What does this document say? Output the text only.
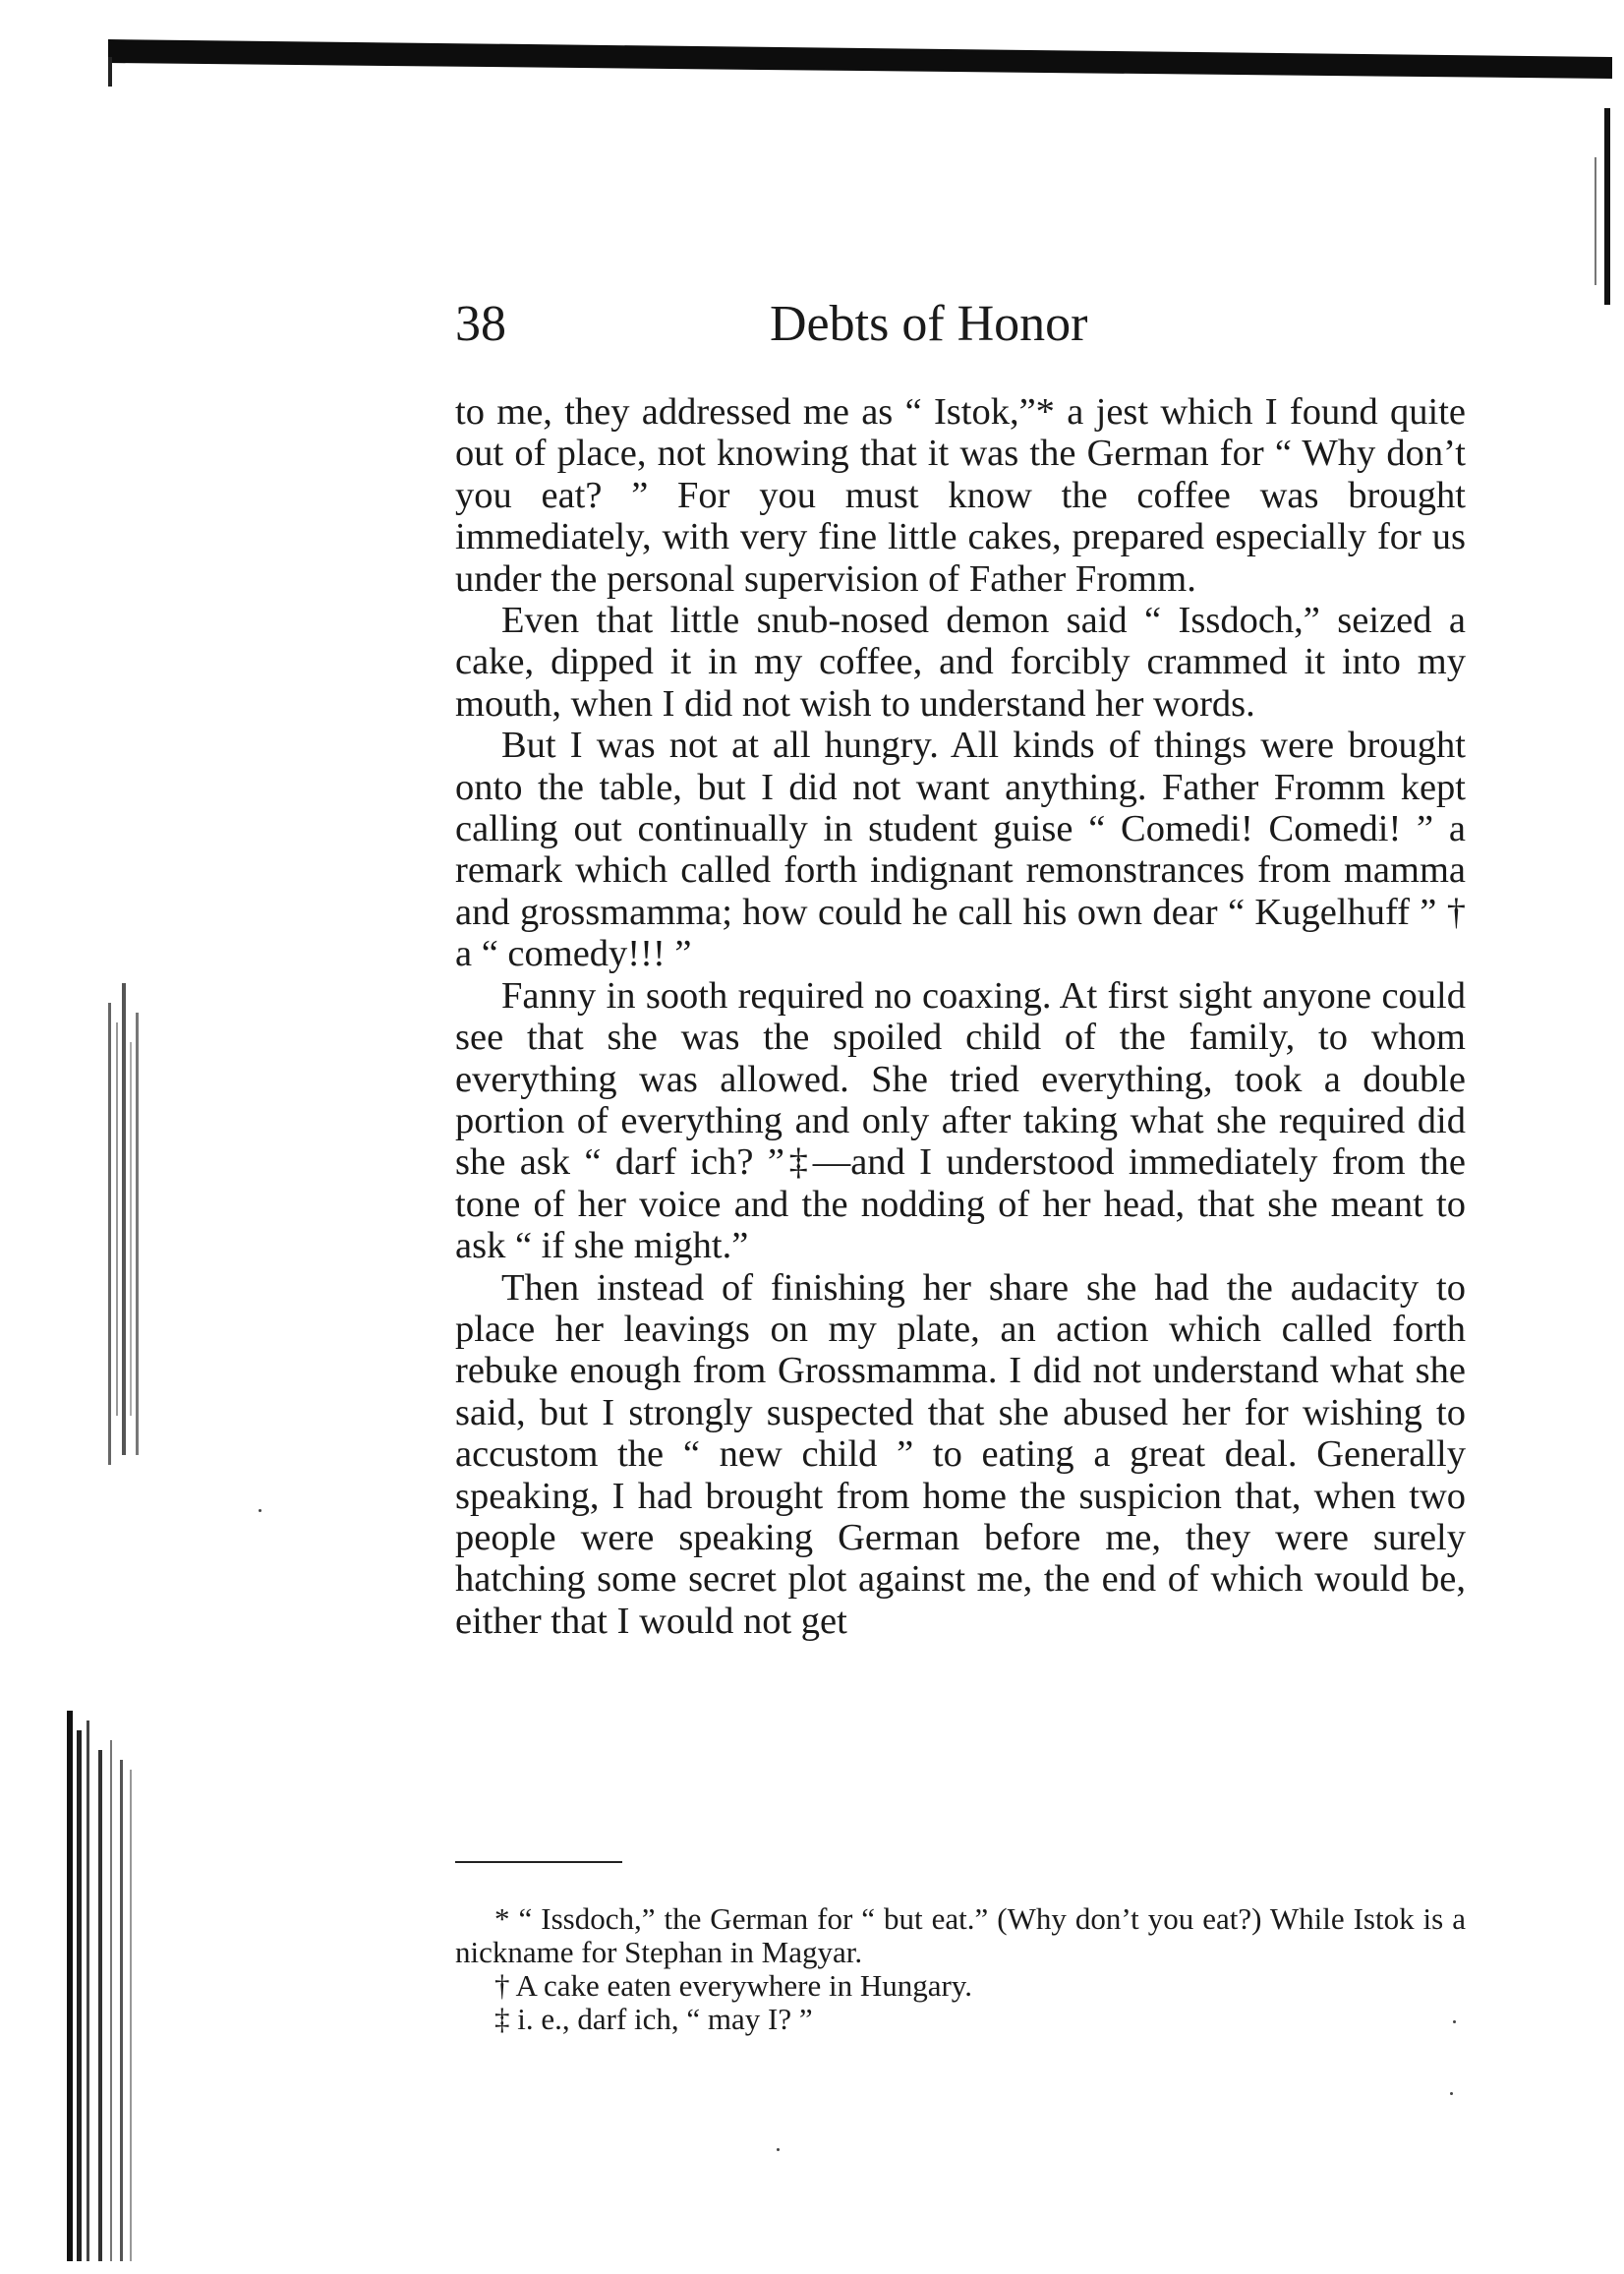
38	Debts of Honor

to me, they addressed me as “ Istok,”* a jest which I found quite out of place, not knowing that it was the German for “ Why don’t you eat? ” For you must know the coffee was brought immediately, with very fine little cakes, prepared especially for us under the personal supervision of Father Fromm.

Even that little snub-nosed demon said “ Issdoch,” seized a cake, dipped it in my coffee, and forcibly crammed it into my mouth, when I did not wish to understand her words.

But I was not at all hungry. All kinds of things were brought onto the table, but I did not want anything. Father Fromm kept calling out continually in student guise “ Comedi! Comedi! ” a remark which called forth indignant remonstrances from mamma and grossmamma; how could he call his own dear “ Kugelhuff ” † a “ comedy!!! ”

Fanny in sooth required no coaxing. At first sight anyone could see that she was the spoiled child of the family, to whom everything was allowed. She tried everything, took a double portion of everything and only after taking what she required did she ask “ darf ich? ”‡—and I understood immediately from the tone of her voice and the nodding of her head, that she meant to ask “ if she might.”

Then instead of finishing her share she had the audacity to place her leavings on my plate, an action which called forth rebuke enough from Grossmamma. I did not understand what she said, but I strongly suspected that she abused her for wishing to accustom the “ new child ” to eating a great deal. Generally speaking, I had brought from home the suspicion that, when two people were speaking German before me, they were surely hatching some secret plot against me, the end of which would be, either that I would not get

* “ Issdoch,” the German for “ but eat.” (Why don’t you eat?) While Istok is a nickname for Stephan in Magyar.

† A cake eaten everywhere in Hungary.

‡ i. e., darf ich, “ may I? ”
